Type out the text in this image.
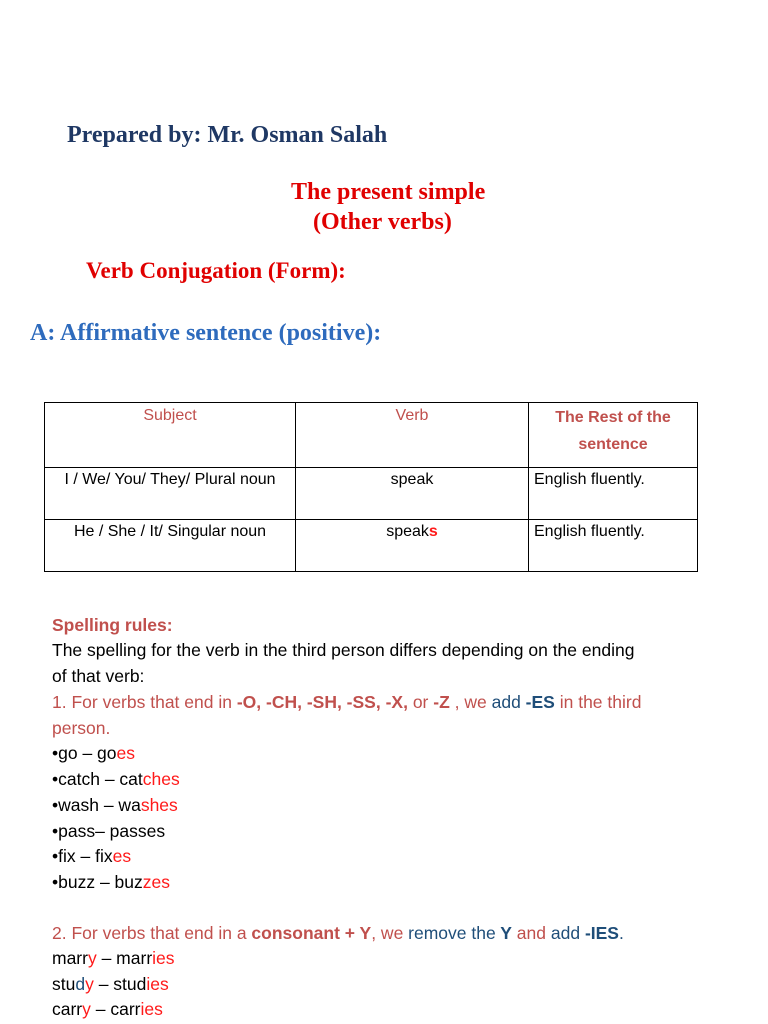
Prepared by: Mr. Osman Salah
The present simple
(Other verbs)
Verb Conjugation (Form):
A: Affirmative sentence (positive):
Subject	Verb	The Rest of the
sentence
I / We/ You/ They/ Plural noun	speak	English fluently.
He / She / It/ Singular noun	speaks	English fluently.
Spelling rules:
The spelling for the verb in the third person differs depending on the ending
of that verb:
1. For verbs that end in -O, -CH, -SH, -SS, -X, or -Z , we add -ES in the third
person.
•go – goes
•catch – catches
•wash – washes
•pass– passes
•fix – fixes
•buzz – buzzes
2. For verbs that end in a consonant + Y, we remove the Y and add -IES.
marry – marries
study – studies
carry – carries
